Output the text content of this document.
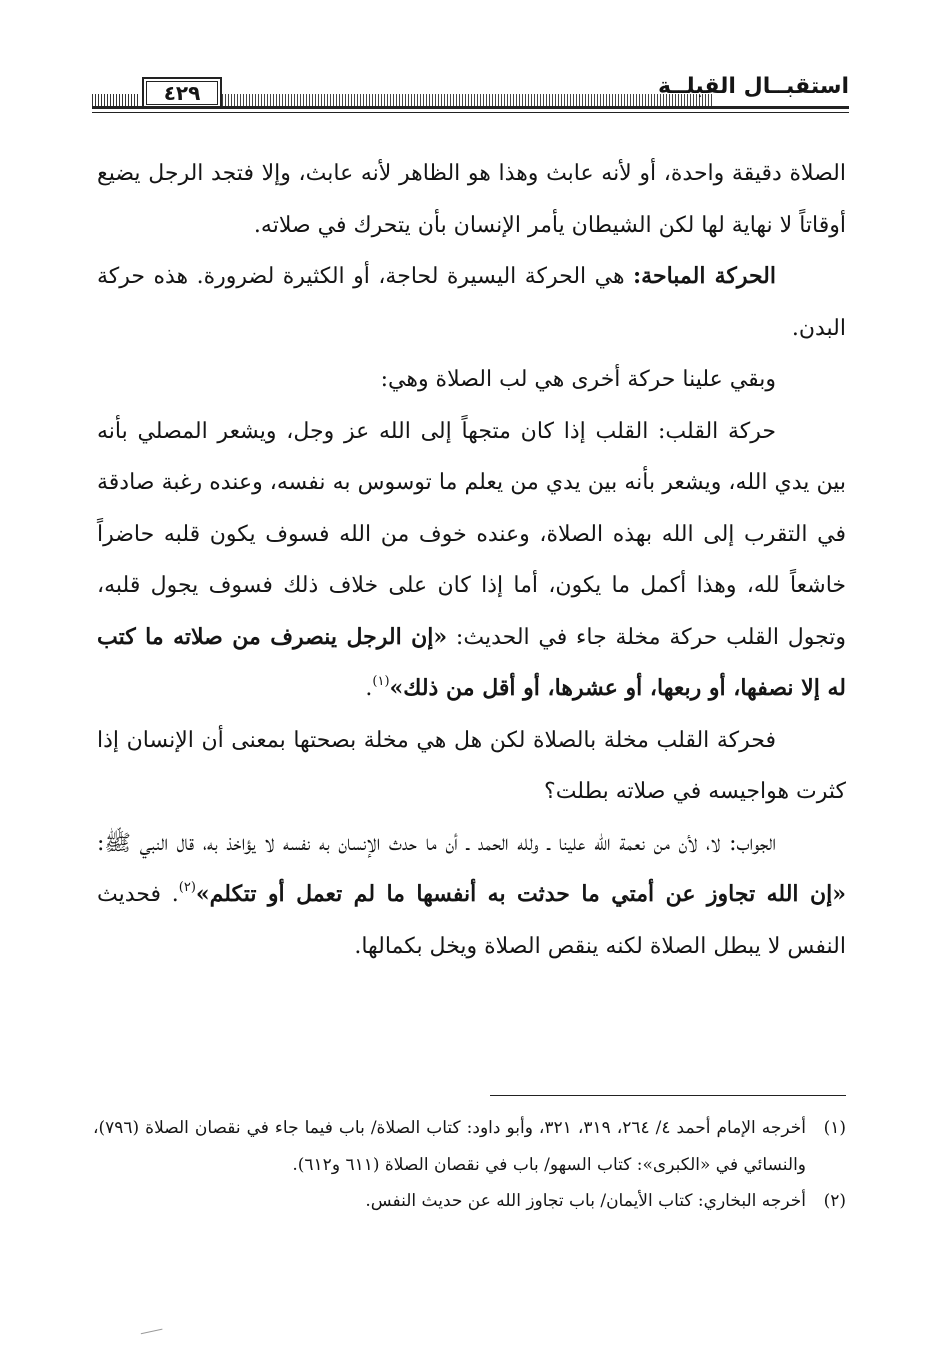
٤٢٩	استقبــال القبلــة

الصلاة دقيقة واحدة، أو لأنه عابث وهذا هو الظاهر لأنه عابث، وإلا فتجد الرجل يضيع أوقاتاً لا نهاية لها لكن الشيطان يأمر الإنسان بأن يتحرك في صلاته.

الحركة المباحة: هي الحركة اليسيرة لحاجة، أو الكثيرة لضرورة. هذه حركة البدن.

وبقي علينا حركة أخرى هي لب الصلاة وهي:

حركة القلب: القلب إذا كان متجهاً إلى الله عز وجل، ويشعر المصلي بأنه بين يدي الله، ويشعر بأنه بين يدي من يعلم ما توسوس به نفسه، وعنده رغبة صادقة في التقرب إلى الله بهذه الصلاة، وعنده خوف من الله فسوف يكون قلبه حاضراً خاشعاً لله، وهذا أكمل ما يكون، أما إذا كان على خلاف ذلك فسوف يجول قلبه، وتجول القلب حركة مخلة جاء في الحديث: «إن الرجل ينصرف من صلاته ما كتب له إلا نصفها، أو ربعها، أو عشرها، أو أقل من ذلك»$^{(١)}$.

فحركة القلب مخلة بالصلاة لكن هل هي مخلة بصحتها بمعنى أن الإنسان إذا كثرت هواجيسه في صلاته بطلت؟

الجواب: لا، لأن من نعمة الله علينا ـ ولله الحمد ـ أن ما حدث الإنسان به نفسه لا يؤاخذ به، قال النبي ﷺ: «إن الله تجاوز عن أمتي ما حدثت به أنفسها ما لم تعمل أو تتكلم»$^{(٢)}$. فحديث النفس لا يبطل الصلاة لكنه ينقص الصلاة ويخل بكمالها.

(١)أخرجه الإمام أحمد ٤/ ٢٦٤، ٣١٩، ٣٢١، وأبو داود: كتاب الصلاة/ باب فيما جاء في نقصان الصلاة (٧٩٦)، والنسائي في «الكبرى»: كتاب السهو/ باب في نقصان الصلاة (٦١١ و٦١٢).

(٢)أخرجه البخاري: كتاب الأيمان/ باب تجاوز الله عن حديث النفس.
